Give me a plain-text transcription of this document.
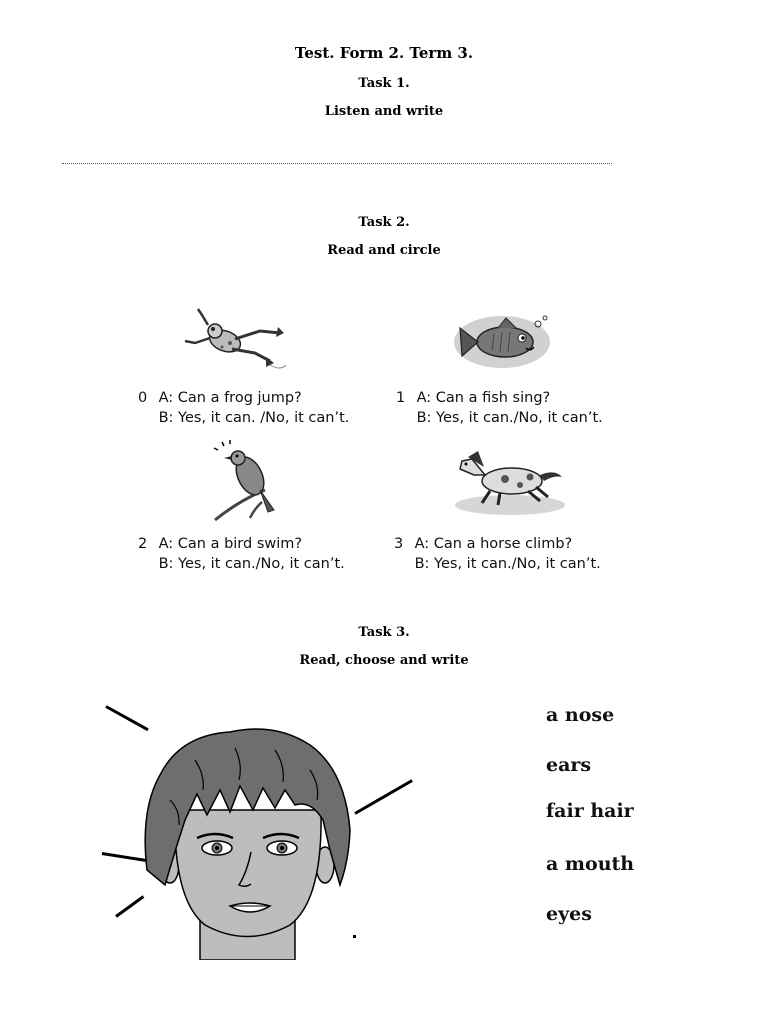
Test. Form 2. Term 3.
Task 1.
Listen and write
Task 2.
Read and circle
0 A: Can a frog jump?
B: Yes, it can. /No, it can’t.
1 A: Can a fish sing?
B: Yes, it can./No, it can’t.
2 A: Can a bird swim?
B: Yes, it can./No, it can’t.
3 A: Can a horse climb?
B: Yes, it can./No, it can’t.
Task 3.
Read, choose and write
a nose
ears
fair hair
a mouth
eyes
